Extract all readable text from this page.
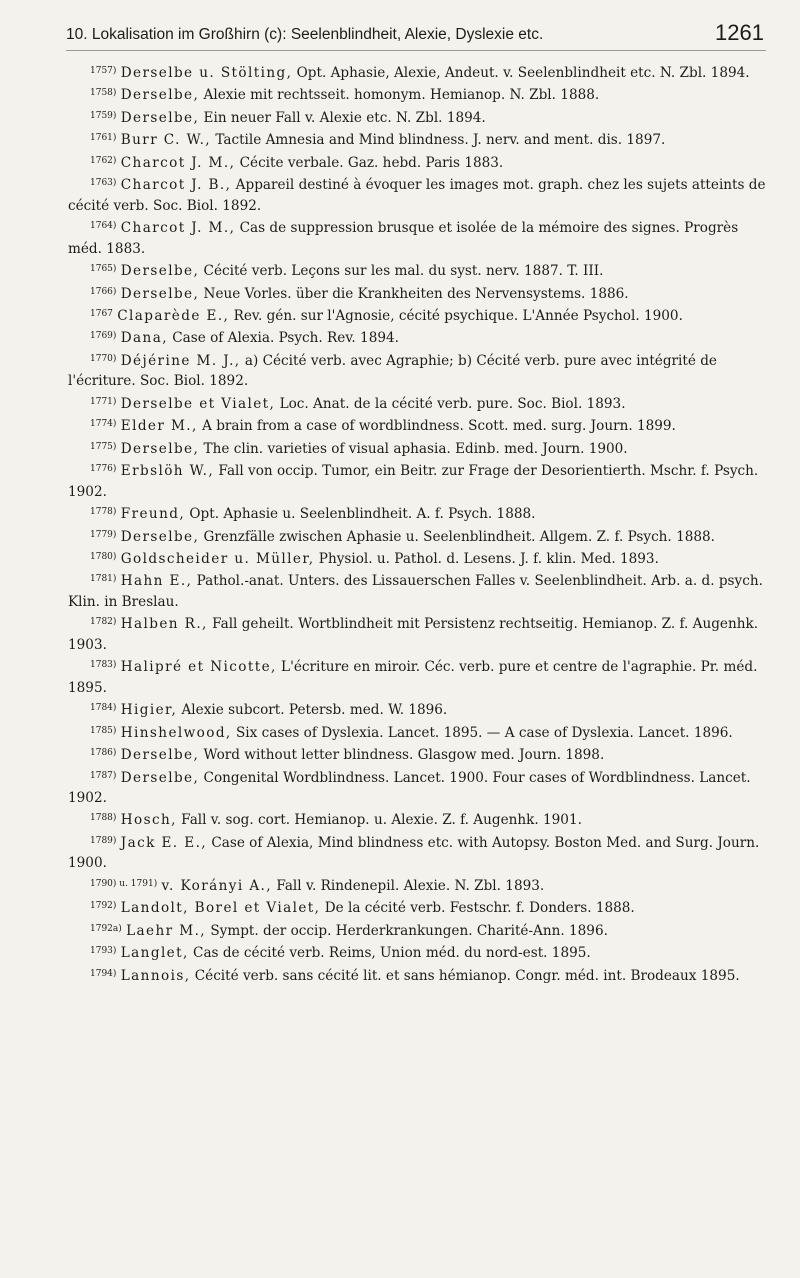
10. Lokalisation im Großhirn (c): Seelenblindheit, Alexie, Dyslexie etc.	1261
$^{1757)}$ Derselbe u. Stölting, Opt. Aphasie, Alexie, Andeut. v. Seelenblindheit etc. N. Zbl. 1894.
$^{1758)}$ Derselbe, Alexie mit rechtsseit. homonym. Hemianop. N. Zbl. 1888.
$^{1759)}$ Derselbe, Ein neuer Fall v. Alexie etc. N. Zbl. 1894.
$^{1761)}$ Burr C. W., Tactile Amnesia and Mind blindness. J. nerv. and ment. dis. 1897.
$^{1762)}$ Charcot J. M., Cécite verbale. Gaz. hebd. Paris 1883.
$^{1763)}$ Charcot J. B., Appareil destiné à évoquer les images mot. graph. chez les sujets atteints de cécité verb. Soc. Biol. 1892.
$^{1764)}$ Charcot J. M., Cas de suppression brusque et isolée de la mémoire des signes. Progrès méd. 1883.
$^{1765)}$ Derselbe, Cécité verb. Leçons sur les mal. du syst. nerv. 1887. T. III.
$^{1766)}$ Derselbe, Neue Vorles. über die Krankheiten des Nervensystems. 1886.
$^{1767}$ Claparède E., Rev. gén. sur l'Agnosie, cécité psychique. L'Année Psychol. 1900.
$^{1769)}$ Dana, Case of Alexia. Psych. Rev. 1894.
$^{1770)}$ Déjérine M. J., a) Cécité verb. avec Agraphie; b) Cécité verb. pure avec intégrité de l'écriture. Soc. Biol. 1892.
$^{1771)}$ Derselbe et Vialet, Loc. Anat. de la cécité verb. pure. Soc. Biol. 1893.
$^{1774)}$ Elder M., A brain from a case of wordblindness. Scott. med. surg. Journ. 1899.
$^{1775)}$ Derselbe, The clin. varieties of visual aphasia. Edinb. med. Journ. 1900.
$^{1776)}$ Erbslöh W., Fall von occip. Tumor, ein Beitr. zur Frage der Desorientierth. Mschr. f. Psych. 1902.
$^{1778)}$ Freund, Opt. Aphasie u. Seelenblindheit. A. f. Psych. 1888.
$^{1779)}$ Derselbe, Grenzfälle zwischen Aphasie u. Seelenblindheit. Allgem. Z. f. Psych. 1888.
$^{1780)}$ Goldscheider u. Müller, Physiol. u. Pathol. d. Lesens. J. f. klin. Med. 1893.
$^{1781)}$ Hahn E., Pathol.-anat. Unters. des Lissauerschen Falles v. Seelenblindheit. Arb. a. d. psych. Klin. in Breslau.
$^{1782)}$ Halben R., Fall geheilt. Wortblindheit mit Persistenz rechtseitig. Hemianop. Z. f. Augenhk. 1903.
$^{1783)}$ Halipré et Nicotte, L'écriture en miroir. Céc. verb. pure et centre de l'agraphie. Pr. méd. 1895.
$^{1784)}$ Higier, Alexie subcort. Petersb. med. W. 1896.
$^{1785)}$ Hinshelwood, Six cases of Dyslexia. Lancet. 1895. — A case of Dyslexia. Lancet. 1896.
$^{1786)}$ Derselbe, Word without letter blindness. Glasgow med. Journ. 1898.
$^{1787)}$ Derselbe, Congenital Wordblindness. Lancet. 1900. Four cases of Wordblindness. Lancet. 1902.
$^{1788)}$ Hosch, Fall v. sog. cort. Hemianop. u. Alexie. Z. f. Augenhk. 1901.
$^{1789)}$ Jack E. E., Case of Alexia, Mind blindness etc. with Autopsy. Boston Med. and Surg. Journ. 1900.
$^{1790) u. 1791)}$ v. Korányi A., Fall v. Rindenepil. Alexie. N. Zbl. 1893.
$^{1792)}$ Landolt, Borel et Vialet, De la cécité verb. Festschr. f. Donders. 1888.
$^{1792a)}$ Laehr M., Sympt. der occip. Herderkrankungen. Charité-Ann. 1896.
$^{1793)}$ Langlet, Cas de cécité verb. Reims, Union méd. du nord-est. 1895.
$^{1794)}$ Lannois, Cécité verb. sans cécité lit. et sans hémianop. Congr. méd. int. Brodeaux 1895.
